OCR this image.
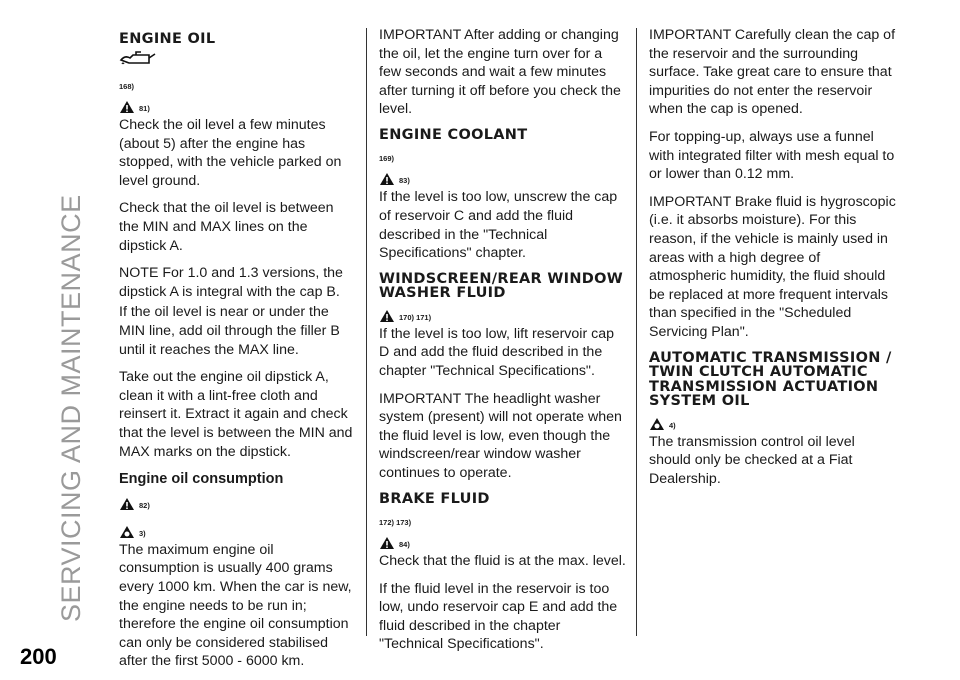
SERVICING AND MAINTENANCE
200
ENGINE OIL
168)
81)

Check the oil level a few minutes (about 5) after the engine has stopped, with the vehicle parked on level ground.

Check that the oil level is between the MIN and MAX lines on the dipstick A.

NOTE For 1.0 and 1.3 versions, the dipstick A is integral with the cap B.

If the oil level is near or under the MIN line, add oil through the filler B until it reaches the MAX line.

Take out the engine oil dipstick A, clean it with a lint-free cloth and reinsert it. Extract it again and check that the level is between the MIN and MAX marks on the dipstick.

Engine oil consumption
82)
3)

The maximum engine oil consumption is usually 400 grams every 1000 km. When the car is new, the engine needs to be run in; therefore the engine oil consumption can only be considered stabilised after the first 5000 - 6000 km.

IMPORTANT After adding or changing the oil, let the engine turn over for a few seconds and wait a few minutes after turning it off before you check the level.

ENGINE COOLANT
169)
83)

If the level is too low, unscrew the cap of reservoir C and add the fluid described in the "Technical Specifications" chapter.

WINDSCREEN/REAR WINDOW WASHER FLUID
170) 171)

If the level is too low, lift reservoir cap D and add the fluid described in the chapter "Technical Specifications".

IMPORTANT The headlight washer system (present) will not operate when the fluid level is low, even though the windscreen/rear window washer continues to operate.

BRAKE FLUID
172) 173)
84)

Check that the fluid is at the max. level.

If the fluid level in the reservoir is too low, undo reservoir cap E and add the fluid described in the chapter "Technical Specifications".

IMPORTANT Carefully clean the cap of the reservoir and the surrounding surface. Take great care to ensure that impurities do not enter the reservoir when the cap is opened.

For topping-up, always use a funnel with integrated filter with mesh equal to or lower than 0.12 mm.

IMPORTANT Brake fluid is hygroscopic (i.e. it absorbs moisture). For this reason, if the vehicle is mainly used in areas with a high degree of atmospheric humidity, the fluid should be replaced at more frequent intervals than specified in the "Scheduled Servicing Plan".

AUTOMATIC TRANSMISSION / TWIN CLUTCH AUTOMATIC TRANSMISSION ACTUATION SYSTEM OIL
4)

The transmission control oil level should only be checked at a Fiat Dealership.
